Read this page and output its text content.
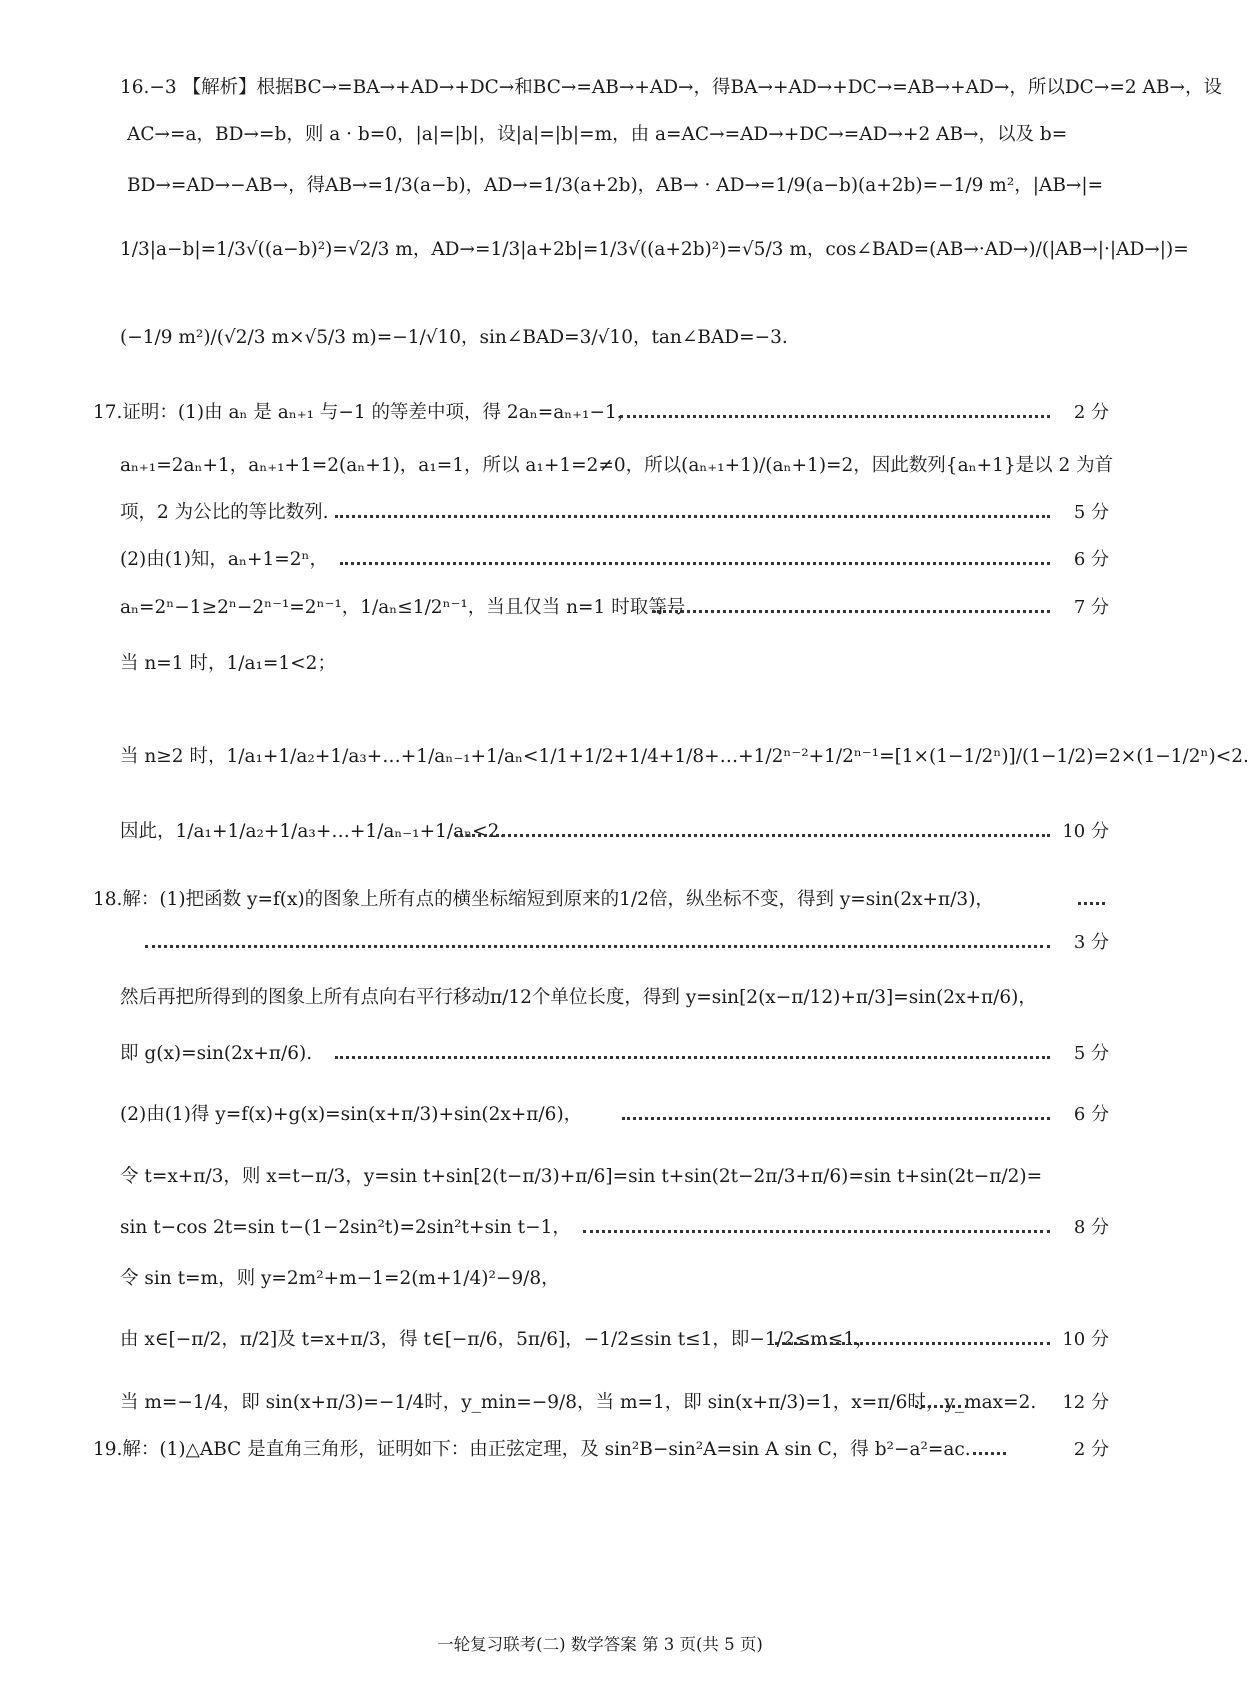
16.−3 【解析】根据BC→=BA→+AD→+DC→和BC→=AB→+AD→，得BA→+AD→+DC→=AB→+AD→，所以DC→=2 AB→，设
AC→=a，BD→=b，则 a · b=0，|a|=|b|，设|a|=|b|=m，由 a=AC→=AD→+DC→=AD→+2 AB→，以及 b=
BD→=AD→−AB→，得AB→=1/3(a−b)，AD→=1/3(a+2b)，AB→ · AD→=1/9(a−b)(a+2b)=−1/9 m²，|AB→|=
1/3|a−b|=1/3√((a−b)²)=√2/3 m，AD→=1/3|a+2b|=1/3√((a+2b)²)=√5/3 m，cos∠BAD=(AB→·AD→)/(|AB→|·|AD→|)=
(−1/9 m²)/(√2/3 m×√5/3 m)=−1/√10，sin∠BAD=3/√10，tan∠BAD=−3.
17.证明：(1)由 aₙ 是 aₙ₊₁ 与−1 的等差中项，得 2aₙ=aₙ₊₁−1，	2 分
aₙ₊₁=2aₙ+1，aₙ₊₁+1=2(aₙ+1)，a₁=1，所以 a₁+1=2≠0，所以(aₙ₊₁+1)/(aₙ+1)=2，因此数列{aₙ+1}是以 2 为首
项，2 为公比的等比数列.	5 分
(2)由(1)知，aₙ+1=2ⁿ，	6 分
aₙ=2ⁿ−1≥2ⁿ−2ⁿ⁻¹=2ⁿ⁻¹，1/aₙ≤1/2ⁿ⁻¹，当且仅当 n=1 时取等号.	7 分
当 n=1 时，1/a₁=1<2；
当 n≥2 时，1/a₁+1/a₂+1/a₃+…+1/aₙ₋₁+1/aₙ<1/1+1/2+1/4+1/8+…+1/2ⁿ⁻²+1/2ⁿ⁻¹=[1×(1−1/2ⁿ)]/(1−1/2)=2×(1−1/2ⁿ)<2.
因此，1/a₁+1/a₂+1/a₃+…+1/aₙ₋₁+1/aₙ<2.	10 分
18.解：(1)把函数 y=f(x)的图象上所有点的横坐标缩短到原来的1/2倍，纵坐标不变，得到 y=sin(2x+π/3)，
3 分
然后再把所得到的图象上所有点向右平行移动π/12个单位长度，得到 y=sin[2(x−π/12)+π/3]=sin(2x+π/6)，
即 g(x)=sin(2x+π/6).	5 分
(2)由(1)得 y=f(x)+g(x)=sin(x+π/3)+sin(2x+π/6)，	6 分
令 t=x+π/3，则 x=t−π/3，y=sin t+sin[2(t−π/3)+π/6]=sin t+sin(2t−2π/3+π/6)=sin t+sin(2t−π/2)=
sin t−cos 2t=sin t−(1−2sin²t)=2sin²t+sin t−1，	8 分
令 sin t=m，则 y=2m²+m−1=2(m+1/4)²−9/8，
由 x∈[−π/2，π/2]及 t=x+π/3，得 t∈[−π/6，5π/6]，−1/2≤sin t≤1，即−1/2≤m≤1，	10 分
当 m=−1/4，即 sin(x+π/3)=−1/4时，y_min=−9/8，当 m=1，即 sin(x+π/3)=1，x=π/6时，y_max=2. 12 分
19.解：(1)△ABC 是直角三角形，证明如下：由正弦定理，及 sin²B−sin²A=sin A sin C，得 b²−a²=ac.	2 分
一轮复习联考(二) 数学答案 第 3 页(共 5 页)
